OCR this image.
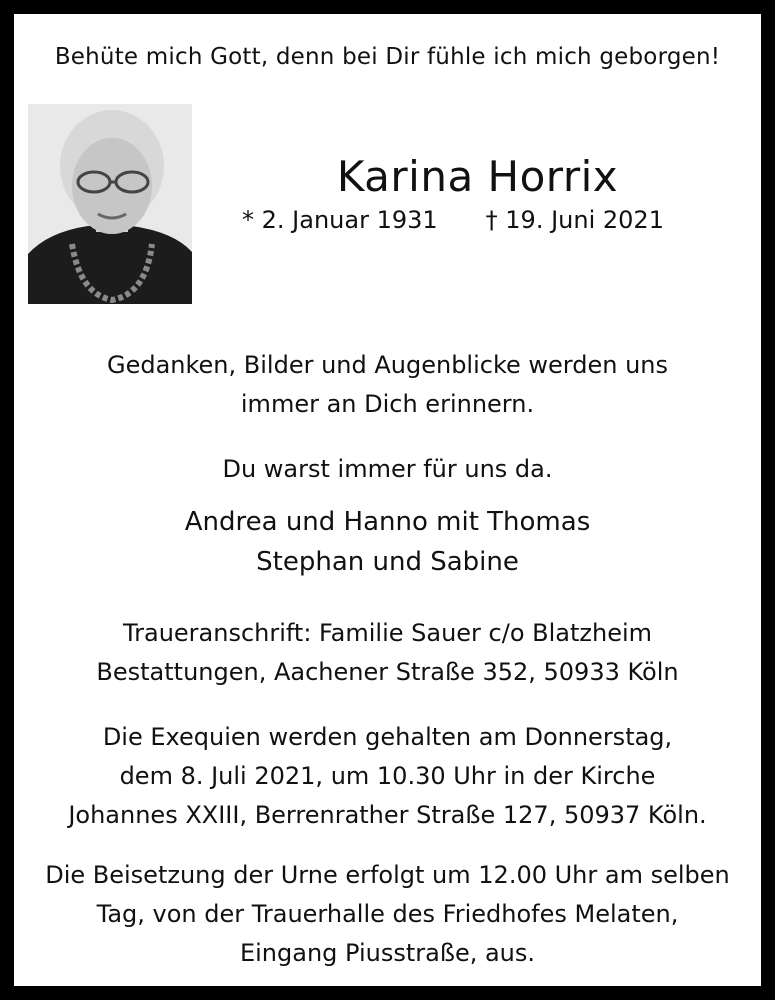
Behüte mich Gott, denn bei Dir fühle ich mich geborgen!
Karina Horrix
* 2. Januar 1931 † 19. Juni 2021

Gedanken, Bilder und Augenblicke werden uns

immer an Dich erinnern.

Du warst immer für uns da.

Andrea und Hanno mit Thomas

Stephan und Sabine

Traueranschrift: Familie Sauer c/o Blatzheim

Bestattungen, Aachener Straße 352, 50933 Köln

Die Exequien werden gehalten am Donnerstag,

dem 8. Juli 2021, um 10.30 Uhr in der Kirche

Johannes XXIII, Berrenrather Straße 127, 50937 Köln.

Die Beisetzung der Urne erfolgt um 12.00 Uhr am selben

Tag, von der Trauerhalle des Friedhofes Melaten,

Eingang Piusstraße, aus.
